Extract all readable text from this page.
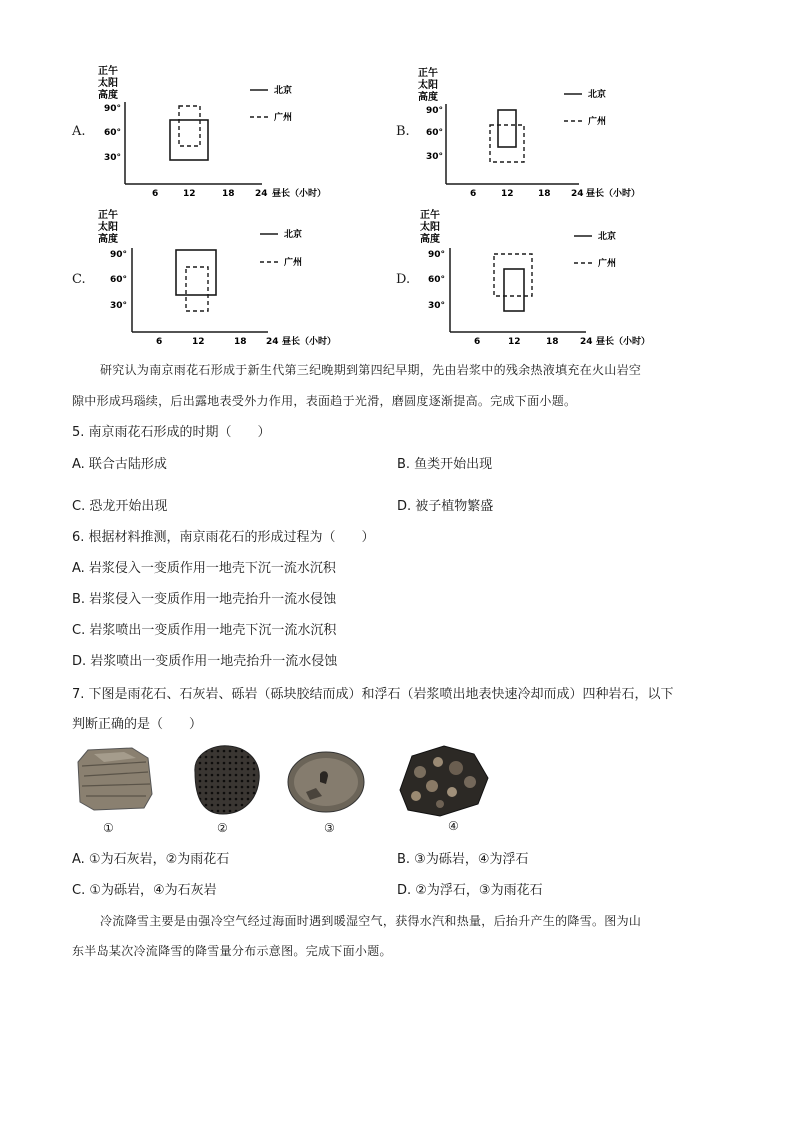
A.
正午
太阳
高度
90°
60°
30°
6	12	18 24 昼长（小时）
北京
广州
B.
正午
太阳
高度
90°
60°
30°
6	12	18 24 昼长（小时）
北京
广州
C.
正午
太阳
高度
90°
60°
30°
6	12	18 24 昼长（小时）
北京
广州
D.
正午
太阳
高度
90°
60°
30°
6	12	18 24 昼长（小时）
北京
广州
研究认为南京雨花石形成于新生代第三纪晚期到第四纪早期，先由岩浆中的残余热液填充在火山岩空
隙中形成玛瑙续，后出露地表受外力作用，表面趋于光滑，磨圆度逐渐提高。完成下面小题。
5. 南京雨花石形成的时期（　　）
A. 联合古陆形成	B. 鱼类开始出现
C. 恐龙开始出现	D. 被子植物繁盛
6. 根据材料推测，南京雨花石的形成过程为（　　）
A. 岩浆侵入一变质作用一地壳下沉一流水沉积
B. 岩浆侵入一变质作用一地壳抬升一流水侵蚀
C. 岩浆喷出一变质作用一地壳下沉一流水沉积
D. 岩浆喷出一变质作用一地壳抬升一流水侵蚀
7. 下图是雨花石、石灰岩、砾岩（砾块胶结而成）和浮石（岩浆喷出地表快速冷却而成）四种岩石，以下
判断正确的是（　　）
①	②	③	④
A. ①为石灰岩，②为雨花石	B. ③为砾岩，④为浮石
C. ①为砾岩，④为石灰岩	D. ②为浮石，③为雨花石
冷流降雪主要是由强冷空气经过海面时遇到暖湿空气，获得水汽和热量，后抬升产生的降雪。图为山
东半岛某次冷流降雪的降雪量分布示意图。完成下面小题。
